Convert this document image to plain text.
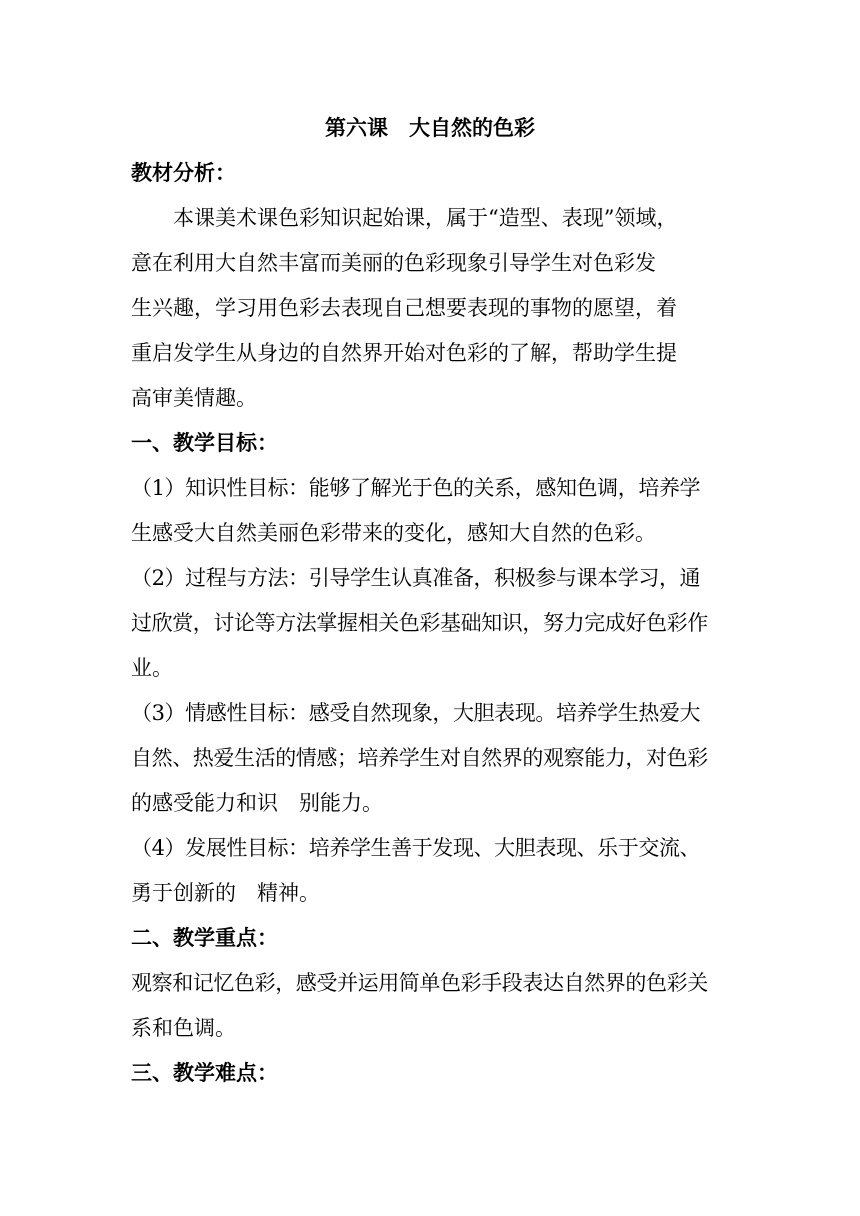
第六课　大自然的色彩
教材分析：
本课美术课色彩知识起始课，属于“造型、表现”领域，
意在利用大自然丰富而美丽的色彩现象引导学生对色彩发
生兴趣，学习用色彩去表现自己想要表现的事物的愿望，着
重启发学生从身边的自然界开始对色彩的了解，帮助学生提
高审美情趣。
一、教学目标：
（1）知识性目标：能够了解光于色的关系，感知色调，培养学
生感受大自然美丽色彩带来的变化，感知大自然的色彩。
（2）过程与方法：引导学生认真准备，积极参与课本学习，通
过欣赏，讨论等方法掌握相关色彩基础知识，努力完成好色彩作
业。
（3）情感性目标：感受自然现象，大胆表现。培养学生热爱大
自然、热爱生活的情感；培养学生对自然界的观察能力，对色彩
的感受能力和识　别能力。
（4）发展性目标：培养学生善于发现、大胆表现、乐于交流、
勇于创新的　精神。
二、教学重点：
观察和记忆色彩，感受并运用简单色彩手段表达自然界的色彩关
系和色调。
三、教学难点：
